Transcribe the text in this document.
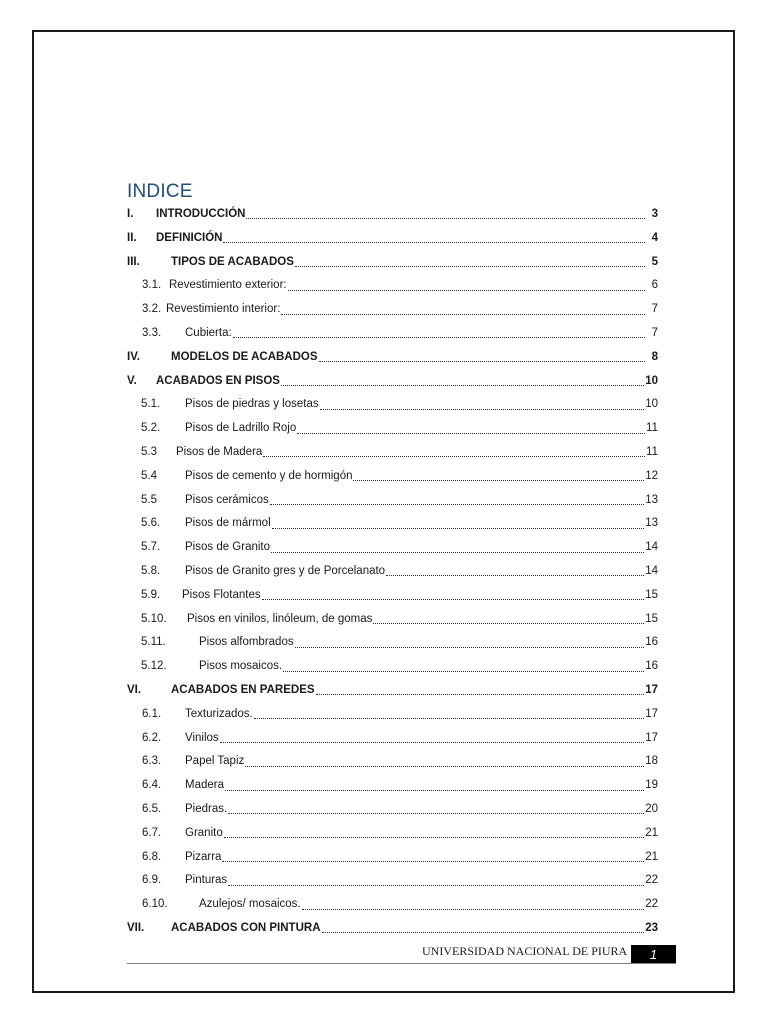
INDICE
I.	INTRODUCCIÓN	3
II.	DEFINICIÓN	4
III.	TIPOS DE ACABADOS	5
3.1. Revestimiento exterior:	6
3.2. Revestimiento interior:	7
3.3.	Cubierta:	7
IV.	MODELOS DE ACABADOS	8
V.	ACABADOS EN PISOS	10
5.1.	Pisos de piedras y losetas	10
5.2.	Pisos de Ladrillo Rojo	11
5.3	Pisos de Madera	11
5.4	Pisos de cemento y de hormigón	12
5.5	Pisos cerámicos	13
5.6.	Pisos de mármol	13
5.7.	Pisos de Granito	14
5.8.	Pisos de Granito gres y de Porcelanato	14
5.9.	Pisos Flotantes	15
5.10.	Pisos en vinilos, linóleum, de gomas	15
5.11.	Pisos alfombrados	16
5.12.	Pisos mosaicos.	16
VI.	ACABADOS EN PAREDES	17
6.1.	Texturizados.	17
6.2.	Vinilos	17
6.3.	Papel Tapiz	18
6.4.	Madera	19
6.5.	Piedras.	20
6.7.	Granito	21
6.8.	Pizarra	21
6.9.	Pinturas	22
6.10.	Azulejos/ mosaicos.	22
VII.	ACABADOS CON PINTURA	23
UNIVERSIDAD NACIONAL DE PIURA	1
